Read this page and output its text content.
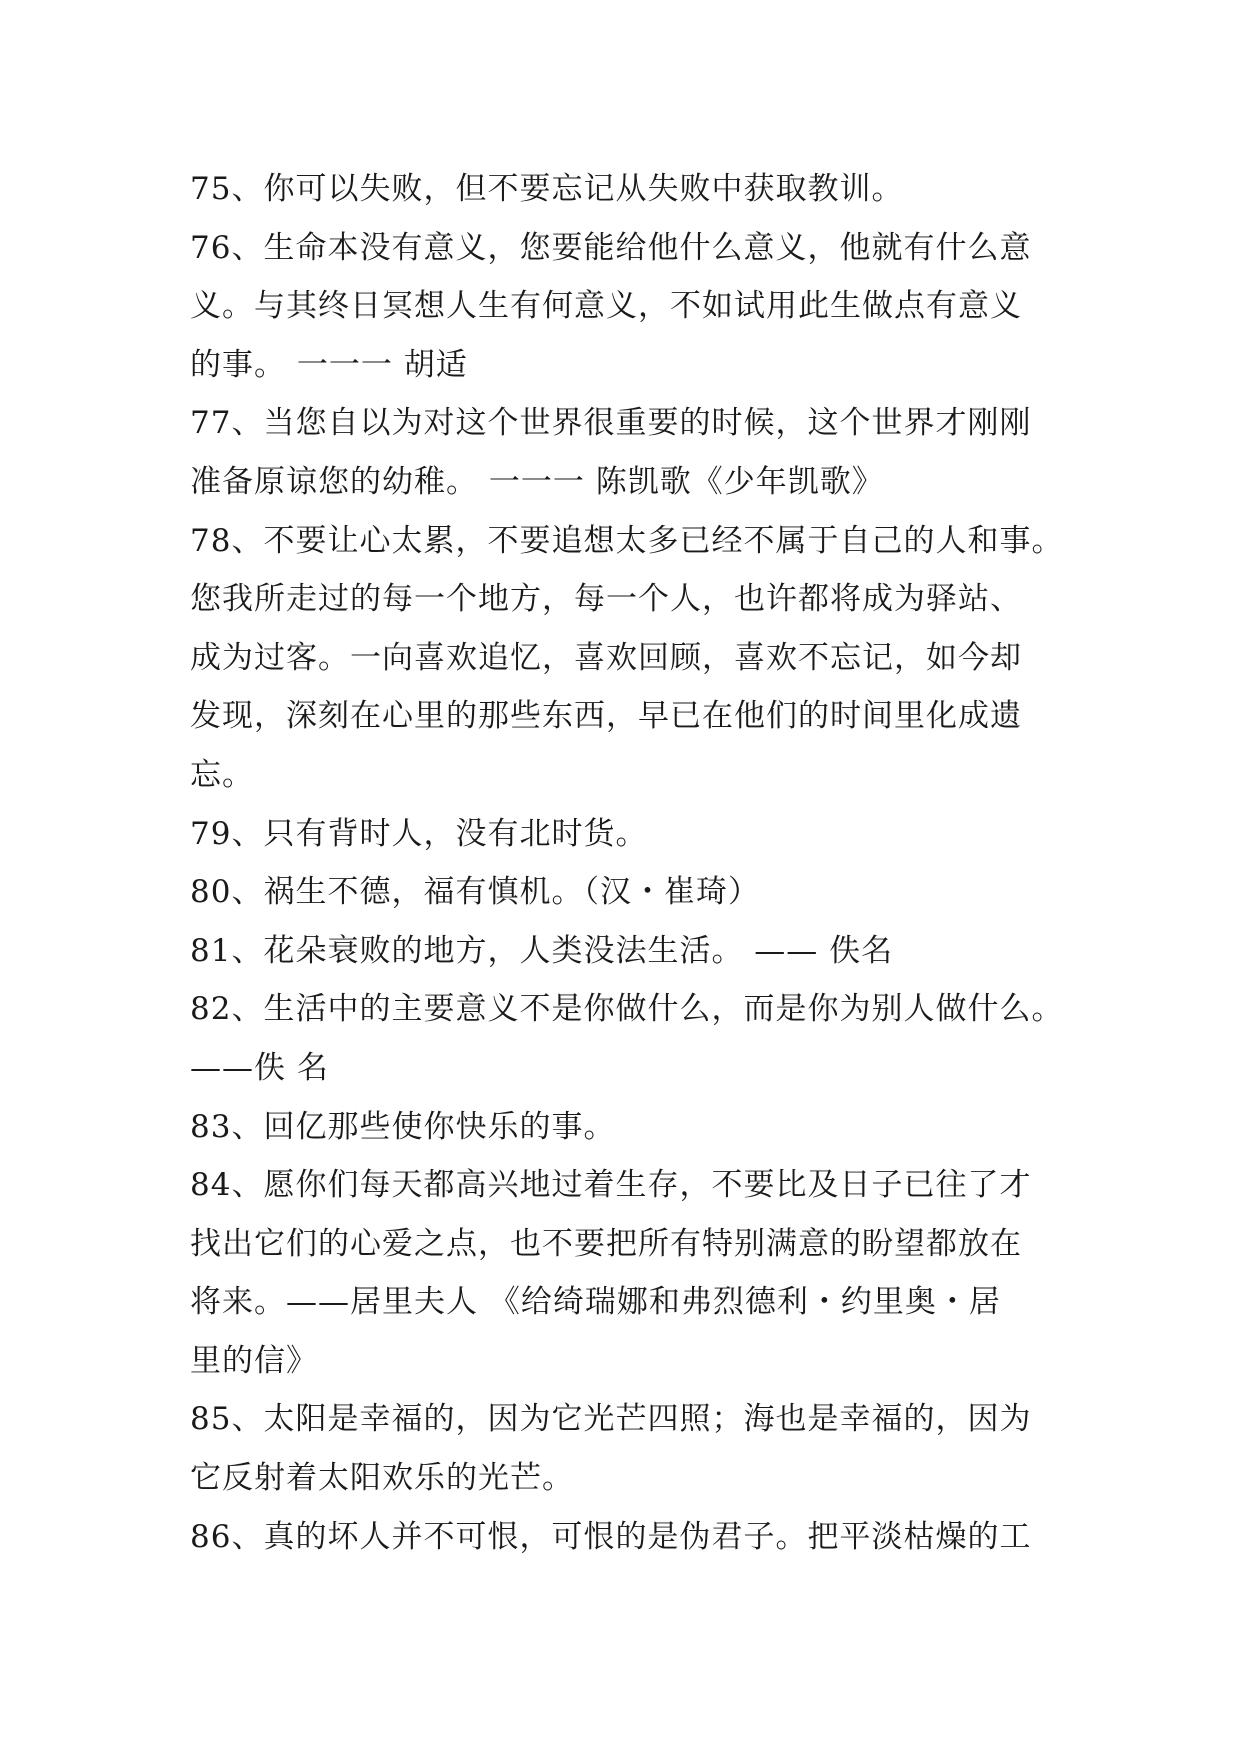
75、你可以失败，但不要忘记从失败中获取教训。
76、生命本没有意义，您要能给他什么意义，他就有什么意
义。与其终日冥想人生有何意义，不如试用此生做点有意义
的事。 一一一 胡适
77、当您自以为对这个世界很重要的时候，这个世界才刚刚
准备原谅您的幼稚。 一一一 陈凯歌《少年凯歌》
78、不要让心太累，不要追想太多已经不属于自己的人和事。
您我所走过的每一个地方，每一个人，也许都将成为驿站、
成为过客。一向喜欢追忆，喜欢回顾，喜欢不忘记，如今却
发现，深刻在心里的那些东西，早已在他们的时间里化成遗
忘。
79、只有背时人，没有北时货。
80、祸生不德，福有慎机。（汉・崔琦）
81、花朵衰败的地方，人类没法生活。 —— 佚名
82、生活中的主要意义不是你做什么，而是你为别人做什么。
——佚 名
83、回亿那些使你快乐的事。
84、愿你们每天都高兴地过着生存，不要比及日子已往了才
找出它们的心爱之点，也不要把所有特别满意的盼望都放在
将来。——居里夫人 《给绮瑞娜和弗烈德利・约里奥・居
里的信》
85、太阳是幸福的，因为它光芒四照；海也是幸福的，因为
它反射着太阳欢乐的光芒。
86、真的坏人并不可恨，可恨的是伪君子。把平淡枯燥的工
